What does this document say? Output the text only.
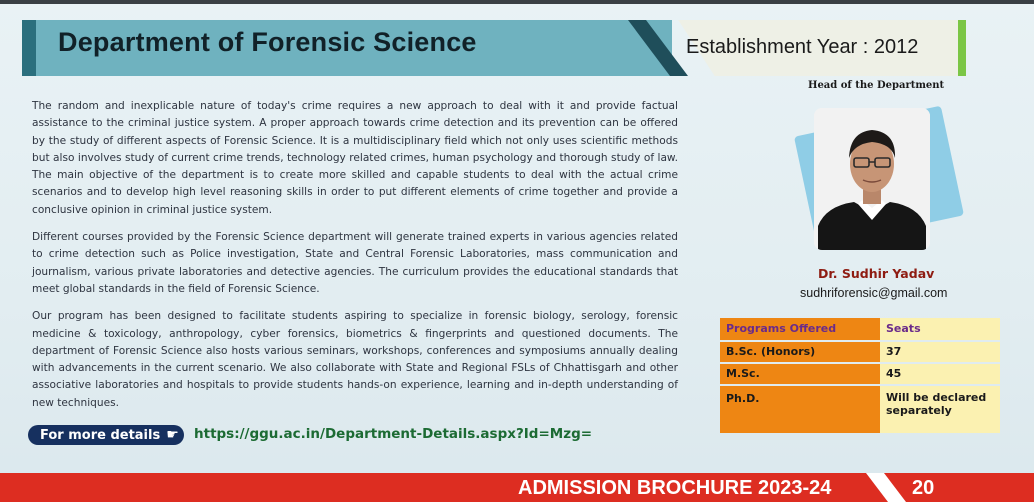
Department of Forensic Science	Establishment Year : 2012

The random and inexplicable nature of today's crime requires a new approach to deal with it and provide factual assistance to the criminal justice system. A proper approach towards crime detection and its prevention can be offered by the study of different aspects of Forensic Science. It is a multidisciplinary field which not only uses scientific methods but also involves study of current crime trends, technology related crimes, human psychology and thorough study of law. The main objective of the department is to create more skilled and capable students to deal with the actual crime scenarios and to develop high level reasoning skills in order to put different elements of crime together and provide a conclusive opinion in criminal justice system.

Different courses provided by the Forensic Science department will generate trained experts in various agencies related to crime detection such as Police investigation, State and Central Forensic Laboratories, mass communication and journalism, various private laboratories and detective agencies. The curriculum provides the educational standards that meet global standards in the field of Forensic Science.

Our program has been designed to facilitate students aspiring to specialize in forensic biology, serology, forensic medicine & toxicology, anthropology, cyber forensics, biometrics & fingerprints and questioned documents. The department of Forensic Science also hosts various seminars, workshops, conferences and symposiums annually dealing with advancements in the current scenario. We also collaborate with State and Regional FSLs of Chhattisgarh and other associative laboratories and hospitals to provide students hands-on experience, learning and in-depth understanding of new techniques.

For more details ☛ https://ggu.ac.in/Department-Details.aspx?Id=Mzg=
Head of the Department
Dr. Sudhir Yadav
sudhriforensic@gmail.com
Programs Offered	Seats
B.Sc. (Honors)	37
M.Sc.	45
Ph.D.	Will be declared separately
ADMISSION BROCHURE 2023-24	20
